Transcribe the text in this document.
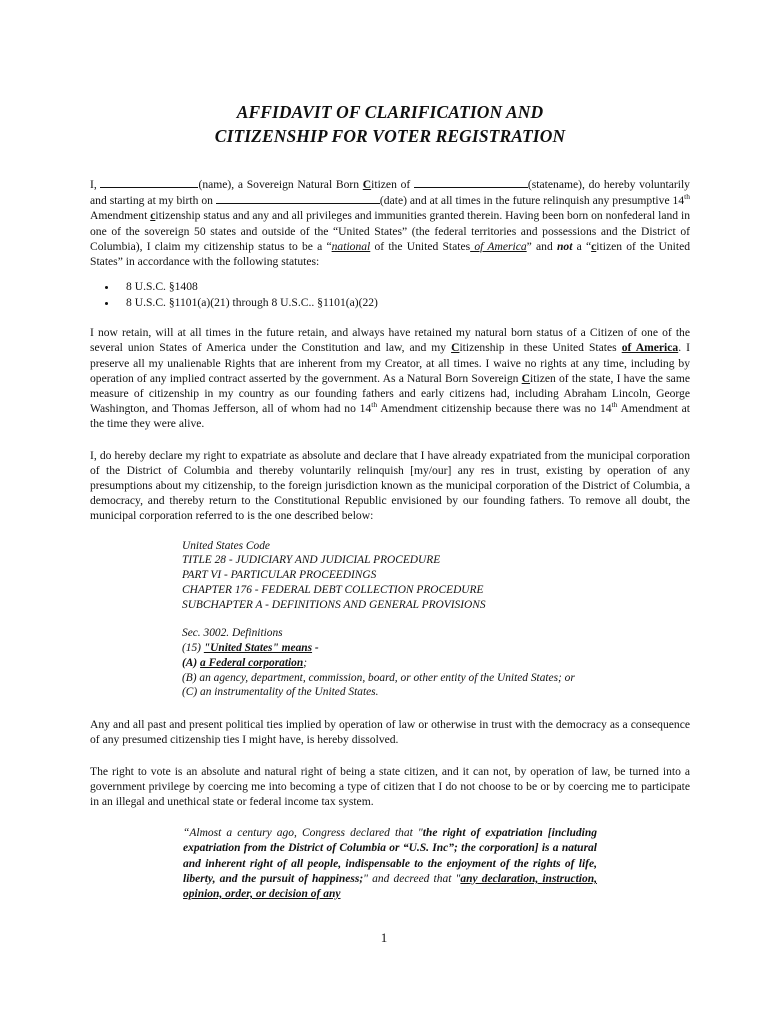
AFFIDAVIT OF CLARIFICATION AND
CITIZENSHIP FOR VOTER REGISTRATION

I,	(name), a Sovereign Natural Born Citizen of	(statename), do hereby voluntarily and starting at my birth on	(date) and at all times in the future relinquish any presumptive 14th Amendment citizenship status and any and all privileges and immunities granted therein. Having been born on nonfederal land in one of the sovereign 50 states and outside of the “United States” (the federal territories and possessions and the District of Columbia), I claim my citizenship status to be a “national of the United States of America” and not a “citizen of the United States” in accordance with the following statutes:

• 8 U.S.C. §1408
• 8 U.S.C. §1101(a)(21) through 8 U.S.C.. §1101(a)(22)

I now retain, will at all times in the future retain, and always have retained my natural born status of a Citizen of one of the several union States of America under the Constitution and law, and my Citizenship in these United States of America. I preserve all my unalienable Rights that are inherent from my Creator, at all times. I waive no rights at any time, including by operation of any implied contract asserted by the government. As a Natural Born Sovereign Citizen of the state, I have the same measure of citizenship in my country as our founding fathers and early citizens had, including Abraham Lincoln, George Washington, and Thomas Jefferson, all of whom had no 14th Amendment citizenship because there was no 14th Amendment at the time they were alive.

I, do hereby declare my right to expatriate as absolute and declare that I have already expatriated from the municipal corporation of the District of Columbia and thereby voluntarily relinquish [my/our] any res in trust, existing by operation of any presumptions about my citizenship, to the foreign jurisdiction known as the municipal corporation of the District of Columbia, a democracy, and thereby return to the Constitutional Republic envisioned by our founding fathers. To remove all doubt, the municipal corporation referred to is the one described below:

United States Code
TITLE 28 - JUDICIARY AND JUDICIAL PROCEDURE
PART VI - PARTICULAR PROCEEDINGS
CHAPTER 176 - FEDERAL DEBT COLLECTION PROCEDURE
SUBCHAPTER A - DEFINITIONS AND GENERAL PROVISIONS
Sec. 3002. Definitions
(15) "United States" means -
(A) a Federal corporation;
(B) an agency, department, commission, board, or other entity of the United States; or
(C) an instrumentality of the United States.

Any and all past and present political ties implied by operation of law or otherwise in trust with the democracy as a consequence of any presumed citizenship ties I might have, is hereby dissolved.

The right to vote is an absolute and natural right of being a state citizen, and it can not, by operation of law, be turned into a government privilege by coercing me into becoming a type of citizen that I do not choose to be or by coercing me to participate in an illegal and unethical state or federal income tax system.

“Almost a century ago, Congress declared that "the right of expatriation [including expatriation from the District of Columbia or “U.S. Inc”; the corporation] is a natural and inherent right of all people, indispensable to the enjoyment of the rights of life, liberty, and the pursuit of happiness;" and decreed that "any declaration, instruction, opinion, order, or decision of any
1
